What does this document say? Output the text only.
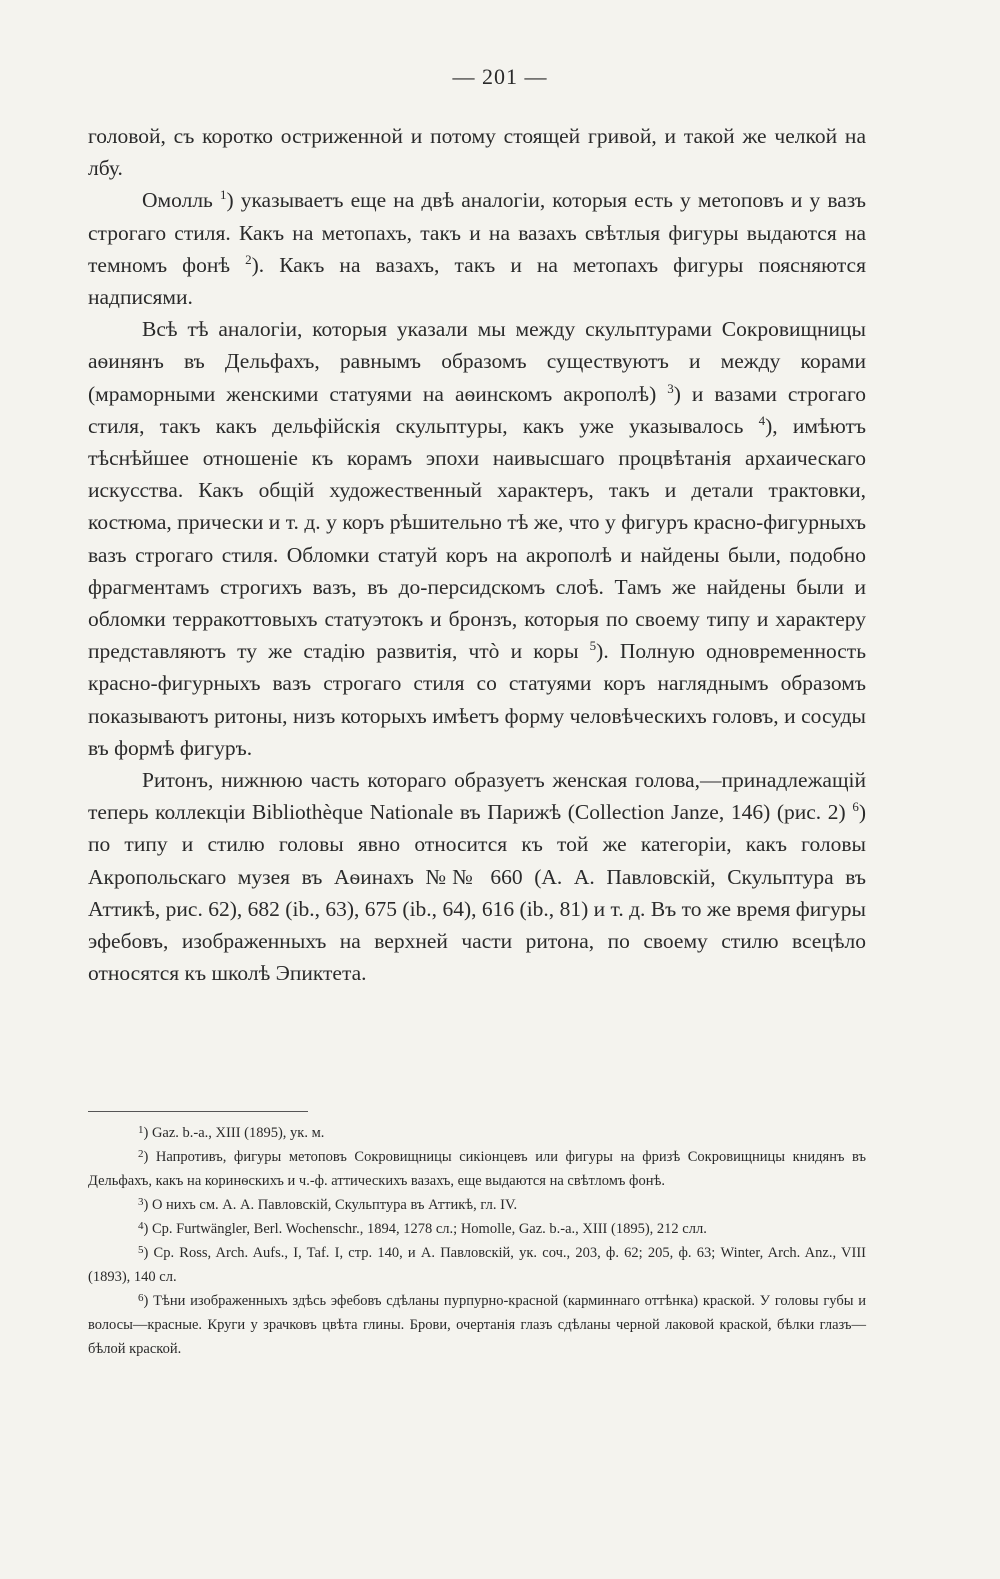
— 201 —

головой, съ коротко остриженной и потому стоящей гривой, и такой же челкой на лбу.

Омолль $^1$) указываетъ еще на двѣ аналогіи, которыя есть у метоповъ и у вазъ строгаго стиля. Какъ на метопахъ, такъ и на вазахъ свѣтлыя фигуры выдаются на темномъ фонѣ $^2$). Какъ на вазахъ, такъ и на метопахъ фигуры поясняются надписями.

Всѣ тѣ аналогіи, которыя указали мы между скульптурами Сокровищницы аѳинянъ въ Дельфахъ, равнымъ образомъ существуютъ и между корами (мраморными женскими статуями на аѳинскомъ акрополѣ) $^3$) и вазами строгаго стиля, такъ какъ дельфійскія скульптуры, какъ уже указывалось $^4$), имѣютъ тѣснѣйшее отношеніе къ корамъ эпохи наивысшаго процвѣтанія архаическаго искусства. Какъ общій художественный характеръ, такъ и детали трактовки, костюма, прически и т. д. у коръ рѣшительно тѣ же, что у фигуръ красно-фигурныхъ вазъ строгаго стиля. Обломки статуй коръ на акрополѣ и найдены были, подобно фрагментамъ строгихъ вазъ, въ до-персидскомъ слоѣ. Тамъ же найдены были и обломки терракоттовыхъ статуэтокъ и бронзъ, которыя по своему типу и характеру представляютъ ту же стадію развитія, чтò и коры $^5$). Полную одновременность красно-фигурныхъ вазъ строгаго стиля со статуями коръ нагляднымъ образомъ показываютъ ритоны, низъ которыхъ имѣетъ форму человѣческихъ головъ, и сосуды въ формѣ фигуръ.

Ритонъ, нижнюю часть котораго образуетъ женская голова,—принадлежащій теперь коллекціи Bibliothèque Nationale въ Парижѣ (Collection Janze, 146) (рис. 2) $^6$) по типу и стилю головы явно относится къ той же категоріи, какъ головы Акропольскаго музея въ Аѳинахъ №№ 660 (А. А. Павловскій, Скульптура въ Аттикѣ, рис. 62), 682 (ib., 63), 675 (ib., 64), 616 (ib., 81) и т. д. Въ то же время фигуры эфебовъ, изображенныхъ на верхней части ритона, по своему стилю всецѣло относятся къ школѣ Эпиктета.

$^1$) Gaz. b.-a., XIII (1895), ук. м.

$^2$) Напротивъ, фигуры метоповъ Сокровищницы сикіонцевъ или фигуры на фризѣ Сокровищницы книдянъ въ Дельфахъ, какъ на коринѳскихъ и ч.-ф. аттическихъ вазахъ, еще выдаются на свѣтломъ фонѣ.

$^3$) О нихъ см. А. А. Павловскій, Скульптура въ Аттикѣ, гл. IV.

$^4$) Ср. Furtwängler, Berl. Wochenschr., 1894, 1278 сл.; Homolle, Gaz. b.-a., XIII (1895), 212 слл.

$^5$) Ср. Ross, Arch. Aufs., I, Taf. I, стр. 140, и А. Павловскій, ук. соч., 203, ф. 62; 205, ф. 63; Winter, Arch. Anz., VIII (1893), 140 сл.

$^6$) Тѣни изображенныхъ здѣсь эфебовъ сдѣланы пурпурно-красной (карминнаго оттѣнка) краской. У головы губы и волосы—красные. Круги у зрачковъ цвѣта глины. Брови, очертанія глазъ сдѣланы черной лаковой краской, бѣлки глазъ—бѣлой краской.
